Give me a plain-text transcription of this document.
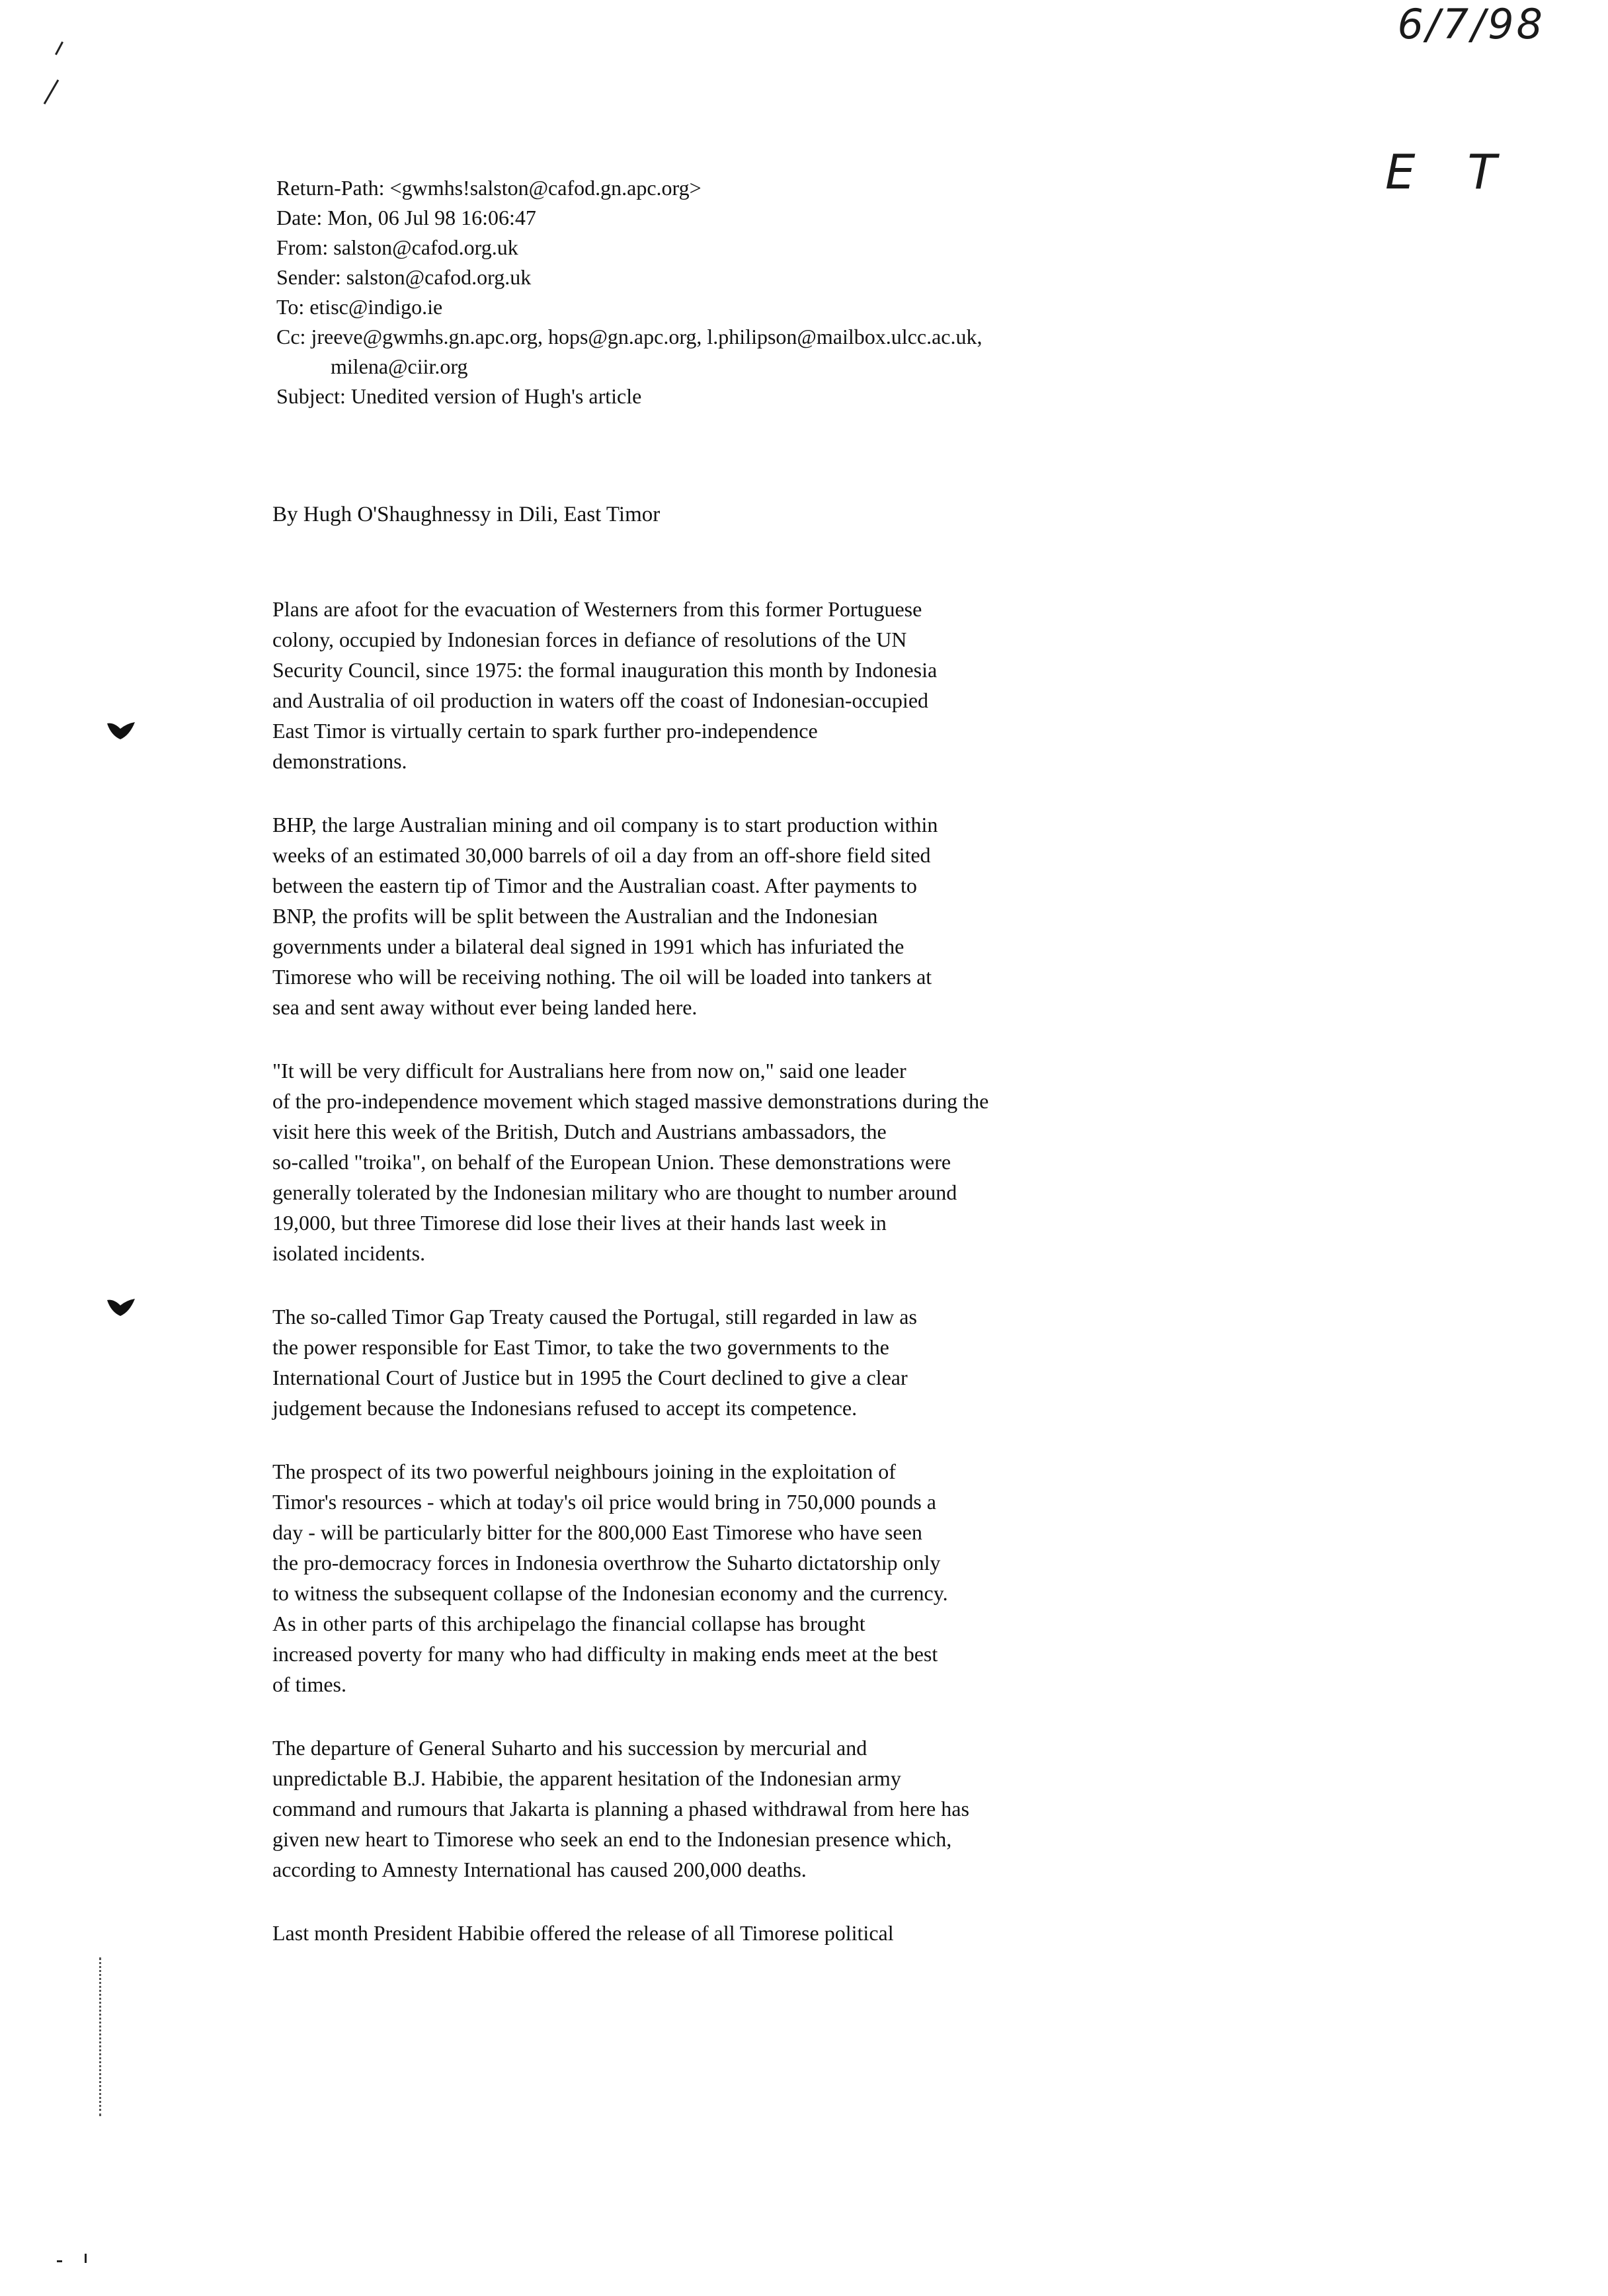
6/7/98
E T
Return-Path: <gwmhs!salston@cafod.gn.apc.org>
Date: Mon, 06 Jul 98 16:06:47
From: salston@cafod.org.uk
Sender: salston@cafod.org.uk
To: etisc@indigo.ie
Cc: jreeve@gwmhs.gn.apc.org, hops@gn.apc.org, l.philipson@mailbox.ulcc.ac.uk,
milena@ciir.org
Subject: Unedited version of Hugh's article
By Hugh O'Shaughnessy in Dili, East Timor
Plans are afoot for the evacuation of Westerners from this former Portuguese
colony, occupied by Indonesian forces in defiance of resolutions of the UN
Security Council, since 1975: the formal inauguration this month by Indonesia
and Australia of oil production in waters off the coast of Indonesian-occupied
East Timor is virtually certain to spark further pro-independence
demonstrations.
BHP, the large Australian mining and oil company is to start production within
weeks of an estimated 30,000 barrels of oil a day from an off-shore field sited
between the eastern tip of Timor and the Australian coast. After payments to
BNP, the profits will be split between the Australian and the Indonesian
governments under a bilateral deal signed in 1991 which has infuriated the
Timorese who will be receiving nothing. The oil will be loaded into tankers at
sea and sent away without ever being landed here.
"It will be very difficult for Australians here from now on," said one leader
of the pro-independence movement which staged massive demonstrations during the
visit here this week of the British, Dutch and Austrians ambassadors, the
so-called "troika", on behalf of the European Union. These demonstrations were
generally tolerated by the Indonesian military who are thought to number around
19,000, but three Timorese did lose their lives at their hands last week in
isolated incidents.
The so-called Timor Gap Treaty caused the Portugal, still regarded in law as
the power responsible for East Timor, to take the two governments to the
International Court of Justice but in 1995 the Court declined to give a clear
judgement because the Indonesians refused to accept its competence.
The prospect of its two powerful neighbours joining in the exploitation of
Timor's resources - which at today's oil price would bring in 750,000 pounds a
day - will be particularly bitter for the 800,000 East Timorese who have seen
the pro-democracy forces in Indonesia overthrow the Suharto dictatorship only
to witness the subsequent collapse of the Indonesian economy and the currency.
As in other parts of this archipelago the financial collapse has brought
increased poverty for many who had difficulty in making ends meet at the best
of times.
The departure of General Suharto and his succession by mercurial and
unpredictable B.J. Habibie, the apparent hesitation of the Indonesian army
command and rumours that Jakarta is planning a phased withdrawal from here has
given new heart to Timorese who seek an end to the Indonesian presence which,
according to Amnesty International has caused 200,000 deaths.
Last month President Habibie offered the release of all Timorese political
